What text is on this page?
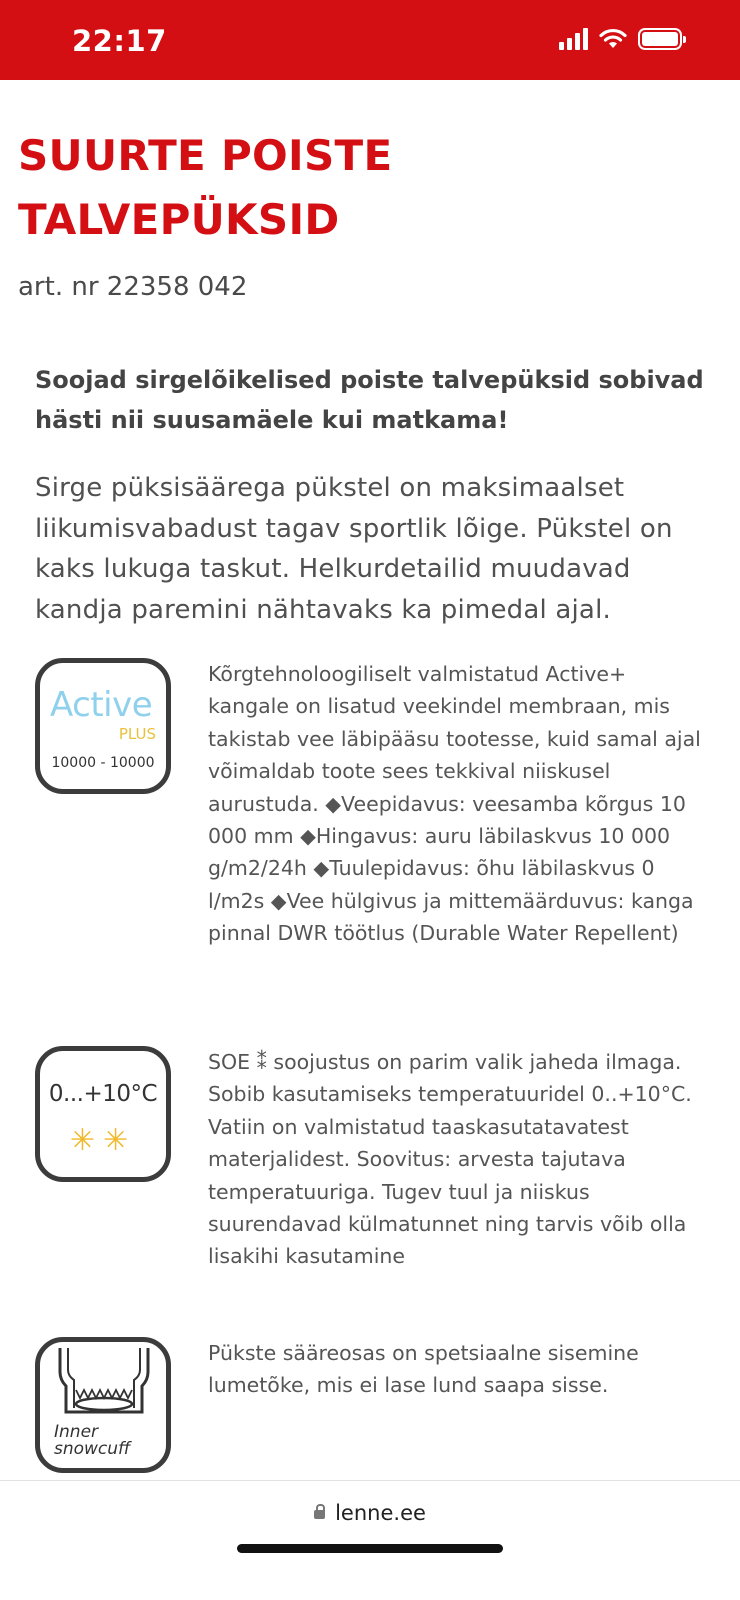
22:17
SUURTE POISTE
TALVEPÜKSID
art. nr 22358 042

Soojad sirgelõikelised poiste talvepüksid sobivad hästi nii suusamäele kui matkama!

Sirge püksisäärega pükstel on maksimaalset liikumisvabadust tagav sportlik lõige. Pükstel on kaks lukuga taskut. Helkurdetailid muudavad kandja paremini nähtavaks ka pimedal ajal.

Active
PLUS
10000 - 10000

Kõrgtehnoloogiliselt valmistatud Active+ kangale on lisatud veekindel membraan, mis takistab vee läbipääsu tootesse, kuid samal ajal võimaldab toote sees tekkival niiskusel aurustuda. ◆Veepidavus: veesamba kõrgus 10 000 mm ◆Hingavus: auru läbilaskvus 10 000 g/m2/24h ◆Tuulepidavus: õhu läbilaskvus 0 l/m2s ◆Vee hülgivus ja mittemäärduvus: kanga pinnal DWR töötlus (Durable Water Repellent)

0...+10°C
✳✳

SOE ⁑ soojustus on parim valik jaheda ilmaga. Sobib kasutamiseks temperatuuridel 0..+10°C. Vatiin on valmistatud taaskasutatavatest materjalidest. Soovitus: arvesta tajutava temperatuuriga. Tugev tuul ja niiskus suurendavad külmatunnet ning tarvis võib olla lisakihi kasutamine

Inner
snowcuff

Pükste sääreosas on spetsiaalne sisemine lumetõke, mis ei lase lund saapa sisse.

lenne.ee
